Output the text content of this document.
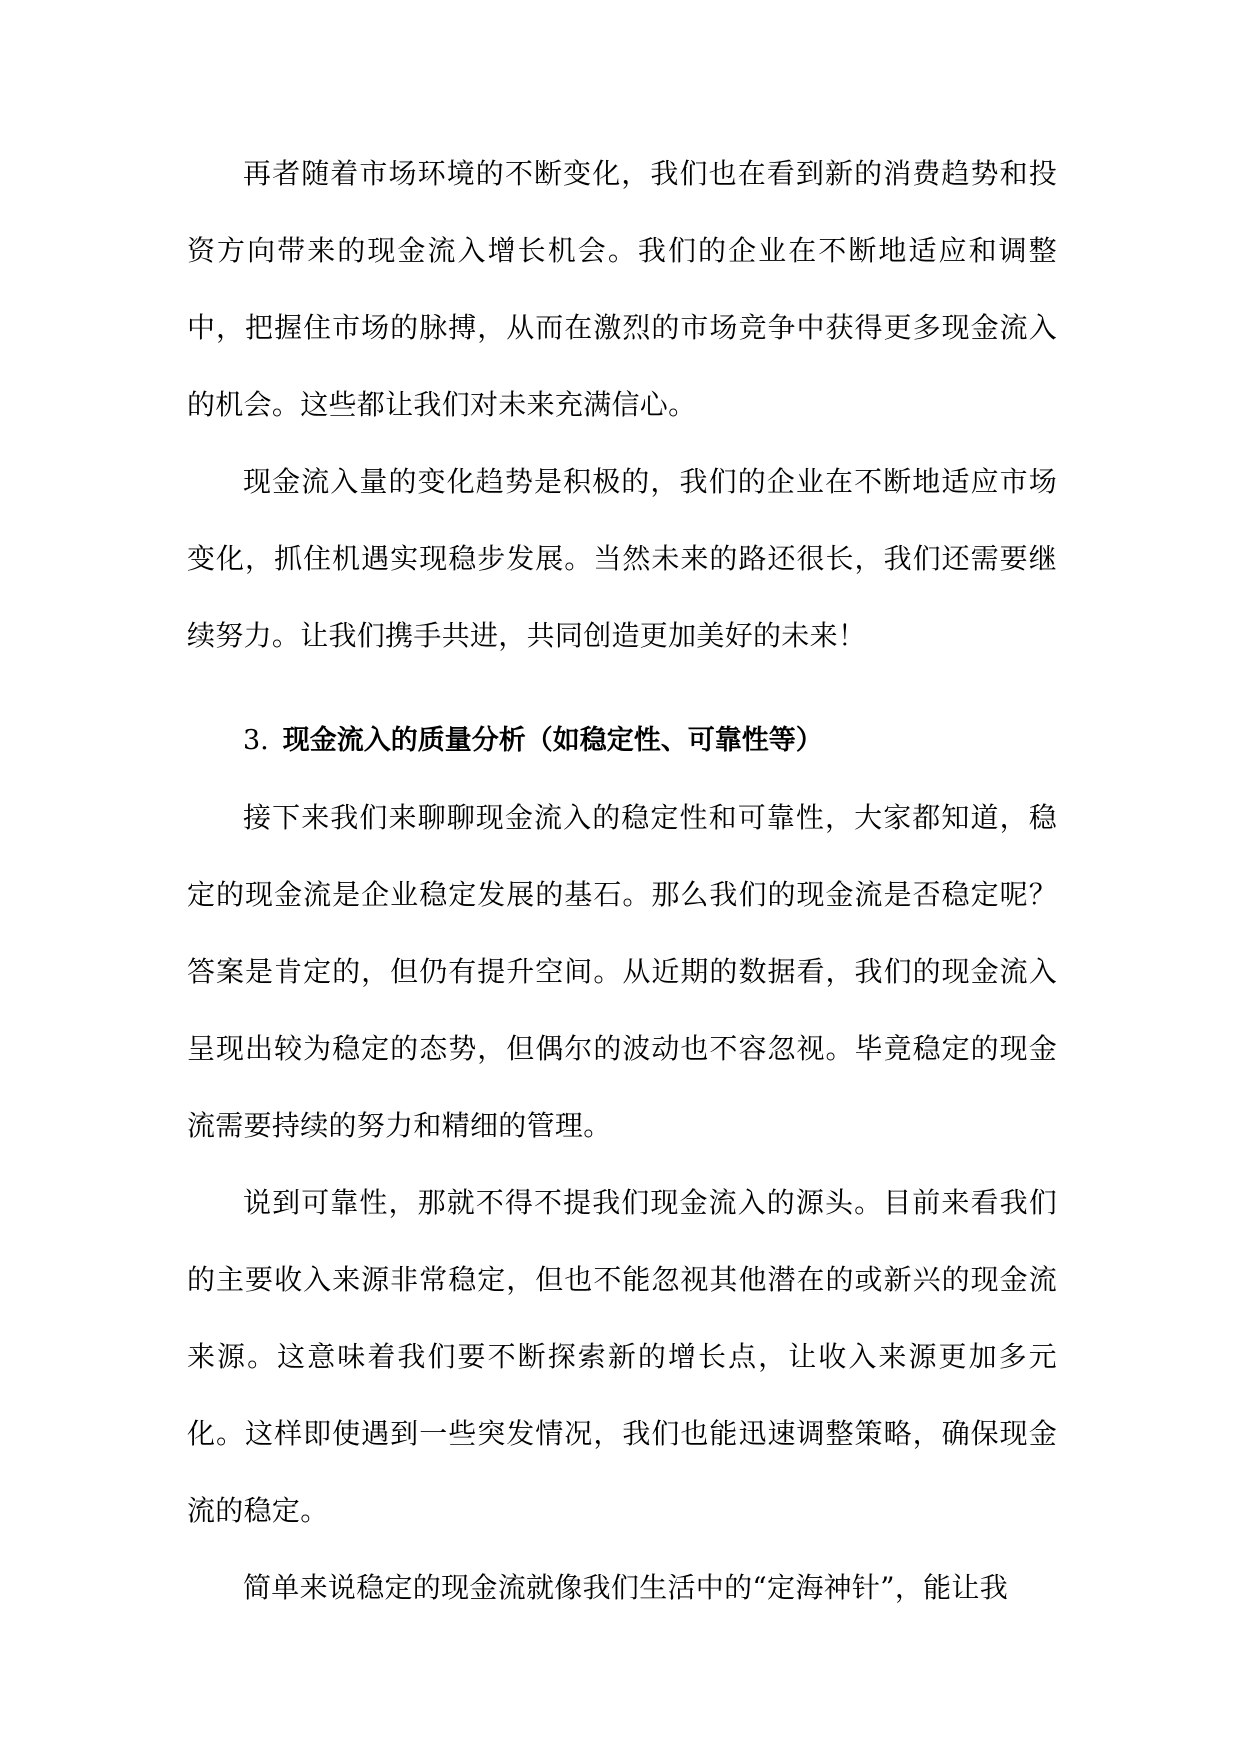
再者随着市场环境的不断变化，我们也在看到新的消费趋势和投资方向带来的现金流入增长机会。我们的企业在不断地适应和调整中，把握住市场的脉搏，从而在激烈的市场竞争中获得更多现金流入的机会。这些都让我们对未来充满信心。

现金流入量的变化趋势是积极的，我们的企业在不断地适应市场变化，抓住机遇实现稳步发展。当然未来的路还很长，我们还需要继续努力。让我们携手共进，共同创造更加美好的未来！

3. 现金流入的质量分析（如稳定性、可靠性等）

接下来我们来聊聊现金流入的稳定性和可靠性，大家都知道，稳定的现金流是企业稳定发展的基石。那么我们的现金流是否稳定呢？答案是肯定的，但仍有提升空间。从近期的数据看，我们的现金流入呈现出较为稳定的态势，但偶尔的波动也不容忽视。毕竟稳定的现金流需要持续的努力和精细的管理。

说到可靠性，那就不得不提我们现金流入的源头。目前来看我们的主要收入来源非常稳定，但也不能忽视其他潜在的或新兴的现金流来源。这意味着我们要不断探索新的增长点，让收入来源更加多元化。这样即使遇到一些突发情况，我们也能迅速调整策略，确保现金流的稳定。

简单来说稳定的现金流就像我们生活中的“定海神针”，能让我
